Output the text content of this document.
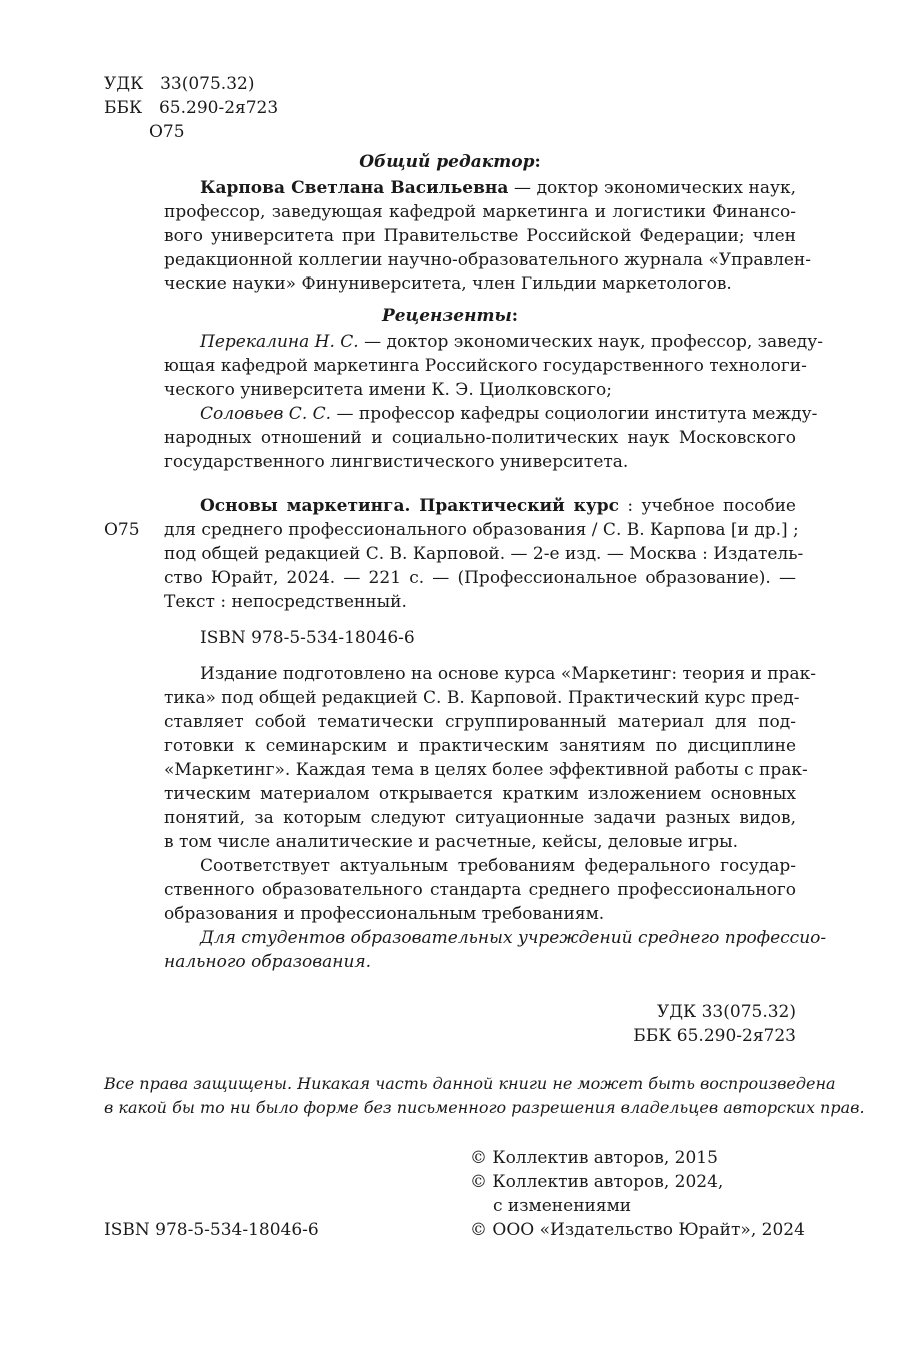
УДК 33(075.32)
ББК 65.290-2я723
О75
Общий редактор:
Карпова Светлана Васильевна — доктор экономических наук,
профессор, заведующая кафедрой маркетинга и логистики Финансо-
вого университета при Правительстве Российской Федерации; член
редакционной коллегии научно-образовательного журнала «Управлен-
ческие науки» Финуниверситета, член Гильдии маркетологов.
Рецензенты:
Перекалина Н. С. — доктор экономических наук, профессор, заведу-
ющая кафедрой маркетинга Российского государственного технологи-
ческого университета имени К. Э. Циолковского;
Соловьев С. С. — профессор кафедры социологии института между-
народных отношений и социально-политических наук Московского
государственного лингвистического университета.
Основы маркетинга. Практический курс : учебное пособие
О75 для среднего профессионального образования / С. В. Карпова [и др.] ;
под общей редакцией С. В. Карповой. — 2-е изд. — Москва : Издатель-
ство Юрайт, 2024. — 221 с. — (Профессиональное образование). —
Текст : непосредственный.
ISBN 978-5-534-18046-6
Издание подготовлено на основе курса «Маркетинг: теория и прак-
тика» под общей редакцией С. В. Карповой. Практический курс пред-
ставляет собой тематически сгруппированный материал для под-
готовки к семинарским и практическим занятиям по дисциплине
«Маркетинг». Каждая тема в целях более эффективной работы с прак-
тическим материалом открывается кратким изложением основных
понятий, за которым следуют ситуационные задачи разных видов,
в том числе аналитические и расчетные, кейсы, деловые игры.
Соответствует актуальным требованиям федерального государ-
ственного образовательного стандарта среднего профессионального
образования и профессиональным требованиям.
Для студентов образовательных учреждений среднего профессио-
нального образования.
УДК 33(075.32)
ББК 65.290-2я723
Все права защищены. Никакая часть данной книги не может быть воспроизведена
в какой бы то ни было форме без письменного разрешения владельцев авторских прав.
© Коллектив авторов, 2015
© Коллектив авторов, 2024,
с изменениями
ISBN 978-5-534-18046-6	© ООО «Издательство Юрайт», 2024
